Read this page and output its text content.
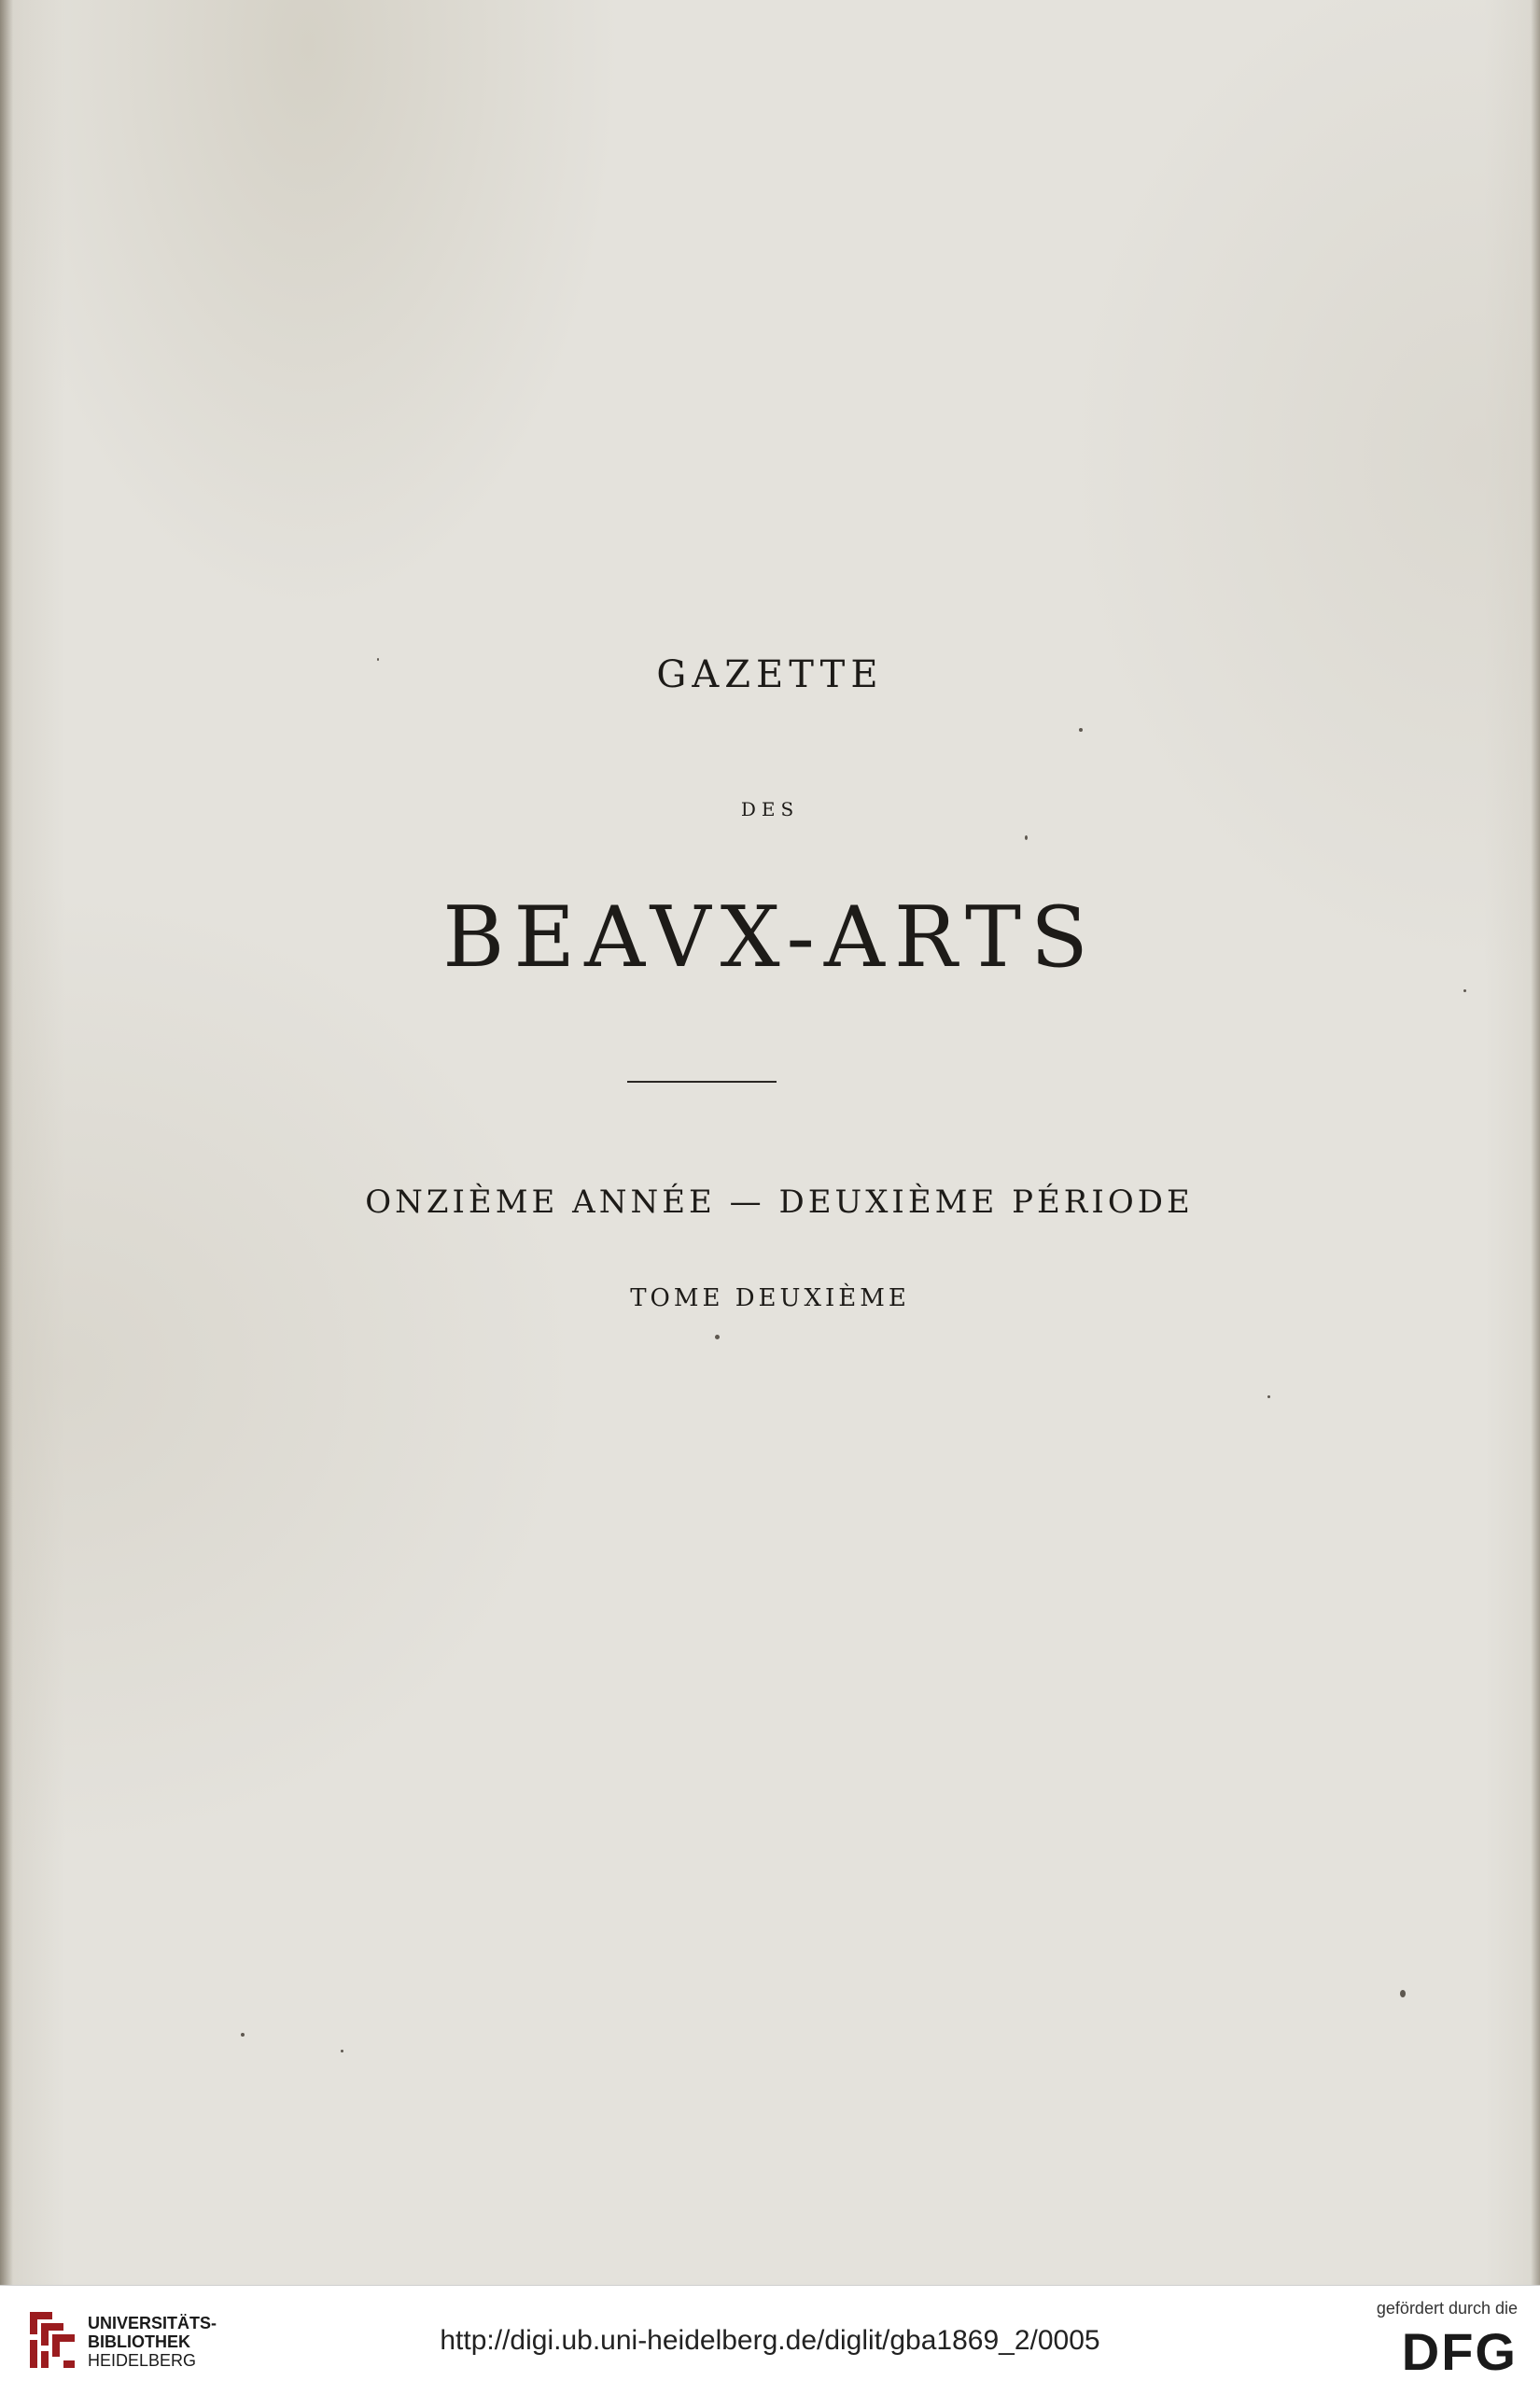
GAZETTE
DES
BEAVX-ARTS
ONZIÈME ANNÉE — DEUXIÈME PÉRIODE
TOME DEUXIÈME
UNIVERSITÄTS-
BIBLIOTHEK
HEIDELBERG
http://digi.ub.uni-heidelberg.de/diglit/gba1869_2/0005
gefördert durch die
DFG
